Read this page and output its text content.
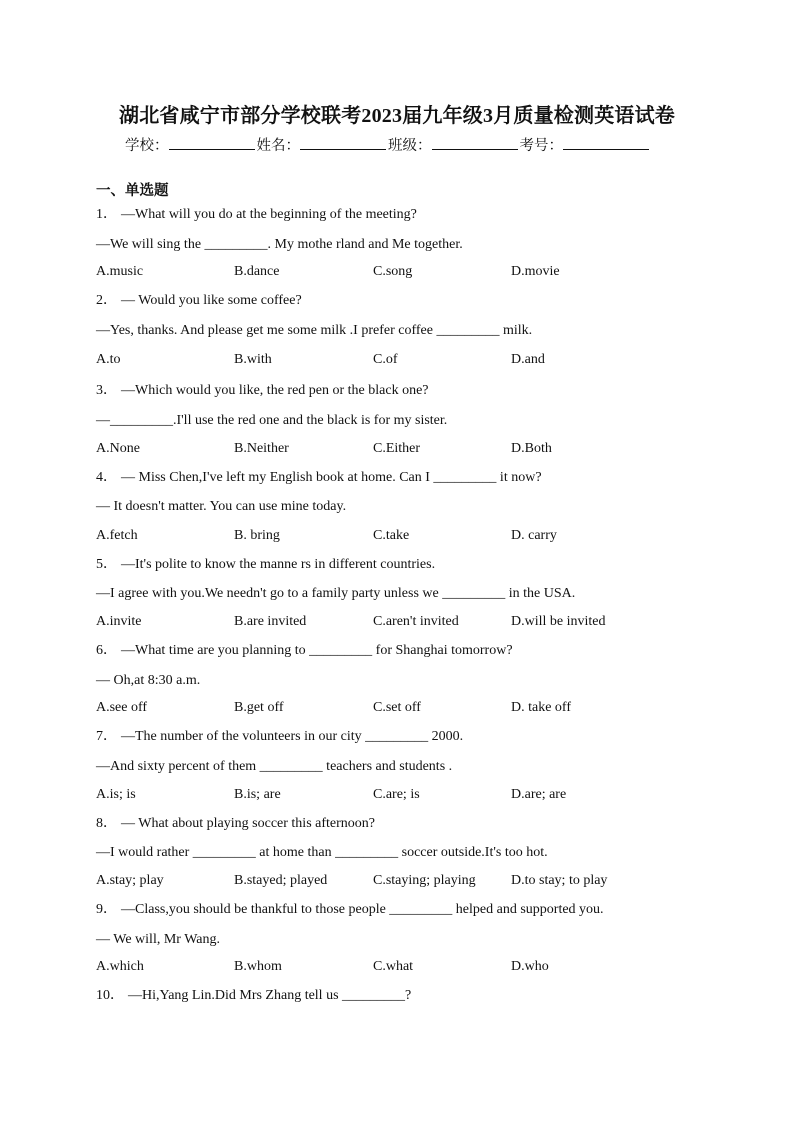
湖北省咸宁市部分学校联考2023届九年级3月质量检测英语试卷
学校：	姓名：	班级：	考号：
一、单选题
1． —What will you do at the beginning of the meeting?
—We will sing the _________. My mothe rland and Me together.
A.music	B.dance	C.song	D.movie
2． — Would you like some coffee?
—Yes, thanks. And please get me some milk .I prefer coffee _________ milk.
A.to	B.with	C.of	D.and
3． —Which would you like, the red pen or the black one?
—_________.I'll use the red one and the black is for my sister.
A.None	B.Neither	C.Either	D.Both
4． — Miss Chen,I've left my English book at home. Can I _________ it now?
— It doesn't matter. You can use mine today.
A.fetch	B. bring	C.take	D. carry
5． —It's polite to know the manne rs in different countries.
—I agree with you.We needn't go to a family party unless we _________ in the USA.
A.invite	B.are invited	C.aren't invited	D.will be invited
6． —What time are you planning to _________ for Shanghai tomorrow?
— Oh,at 8:30 a.m.
A.see off	B.get off	C.set off	D. take off
7． —The number of the volunteers in our city _________ 2000.
—And sixty percent of them _________ teachers and students .
A.is; is	B.is; are	C.are; is	D.are; are
8． — What about playing soccer this afternoon?
—I would rather _________ at home than _________ soccer outside.It's too hot.
A.stay; play	B.stayed; played	C.staying; playing	D.to stay; to play
9． —Class,you should be thankful to those people _________ helped and supported you.
— We will, Mr Wang.
A.which	B.whom	C.what	D.who
10． —Hi,Yang Lin.Did Mrs Zhang tell us _________?
